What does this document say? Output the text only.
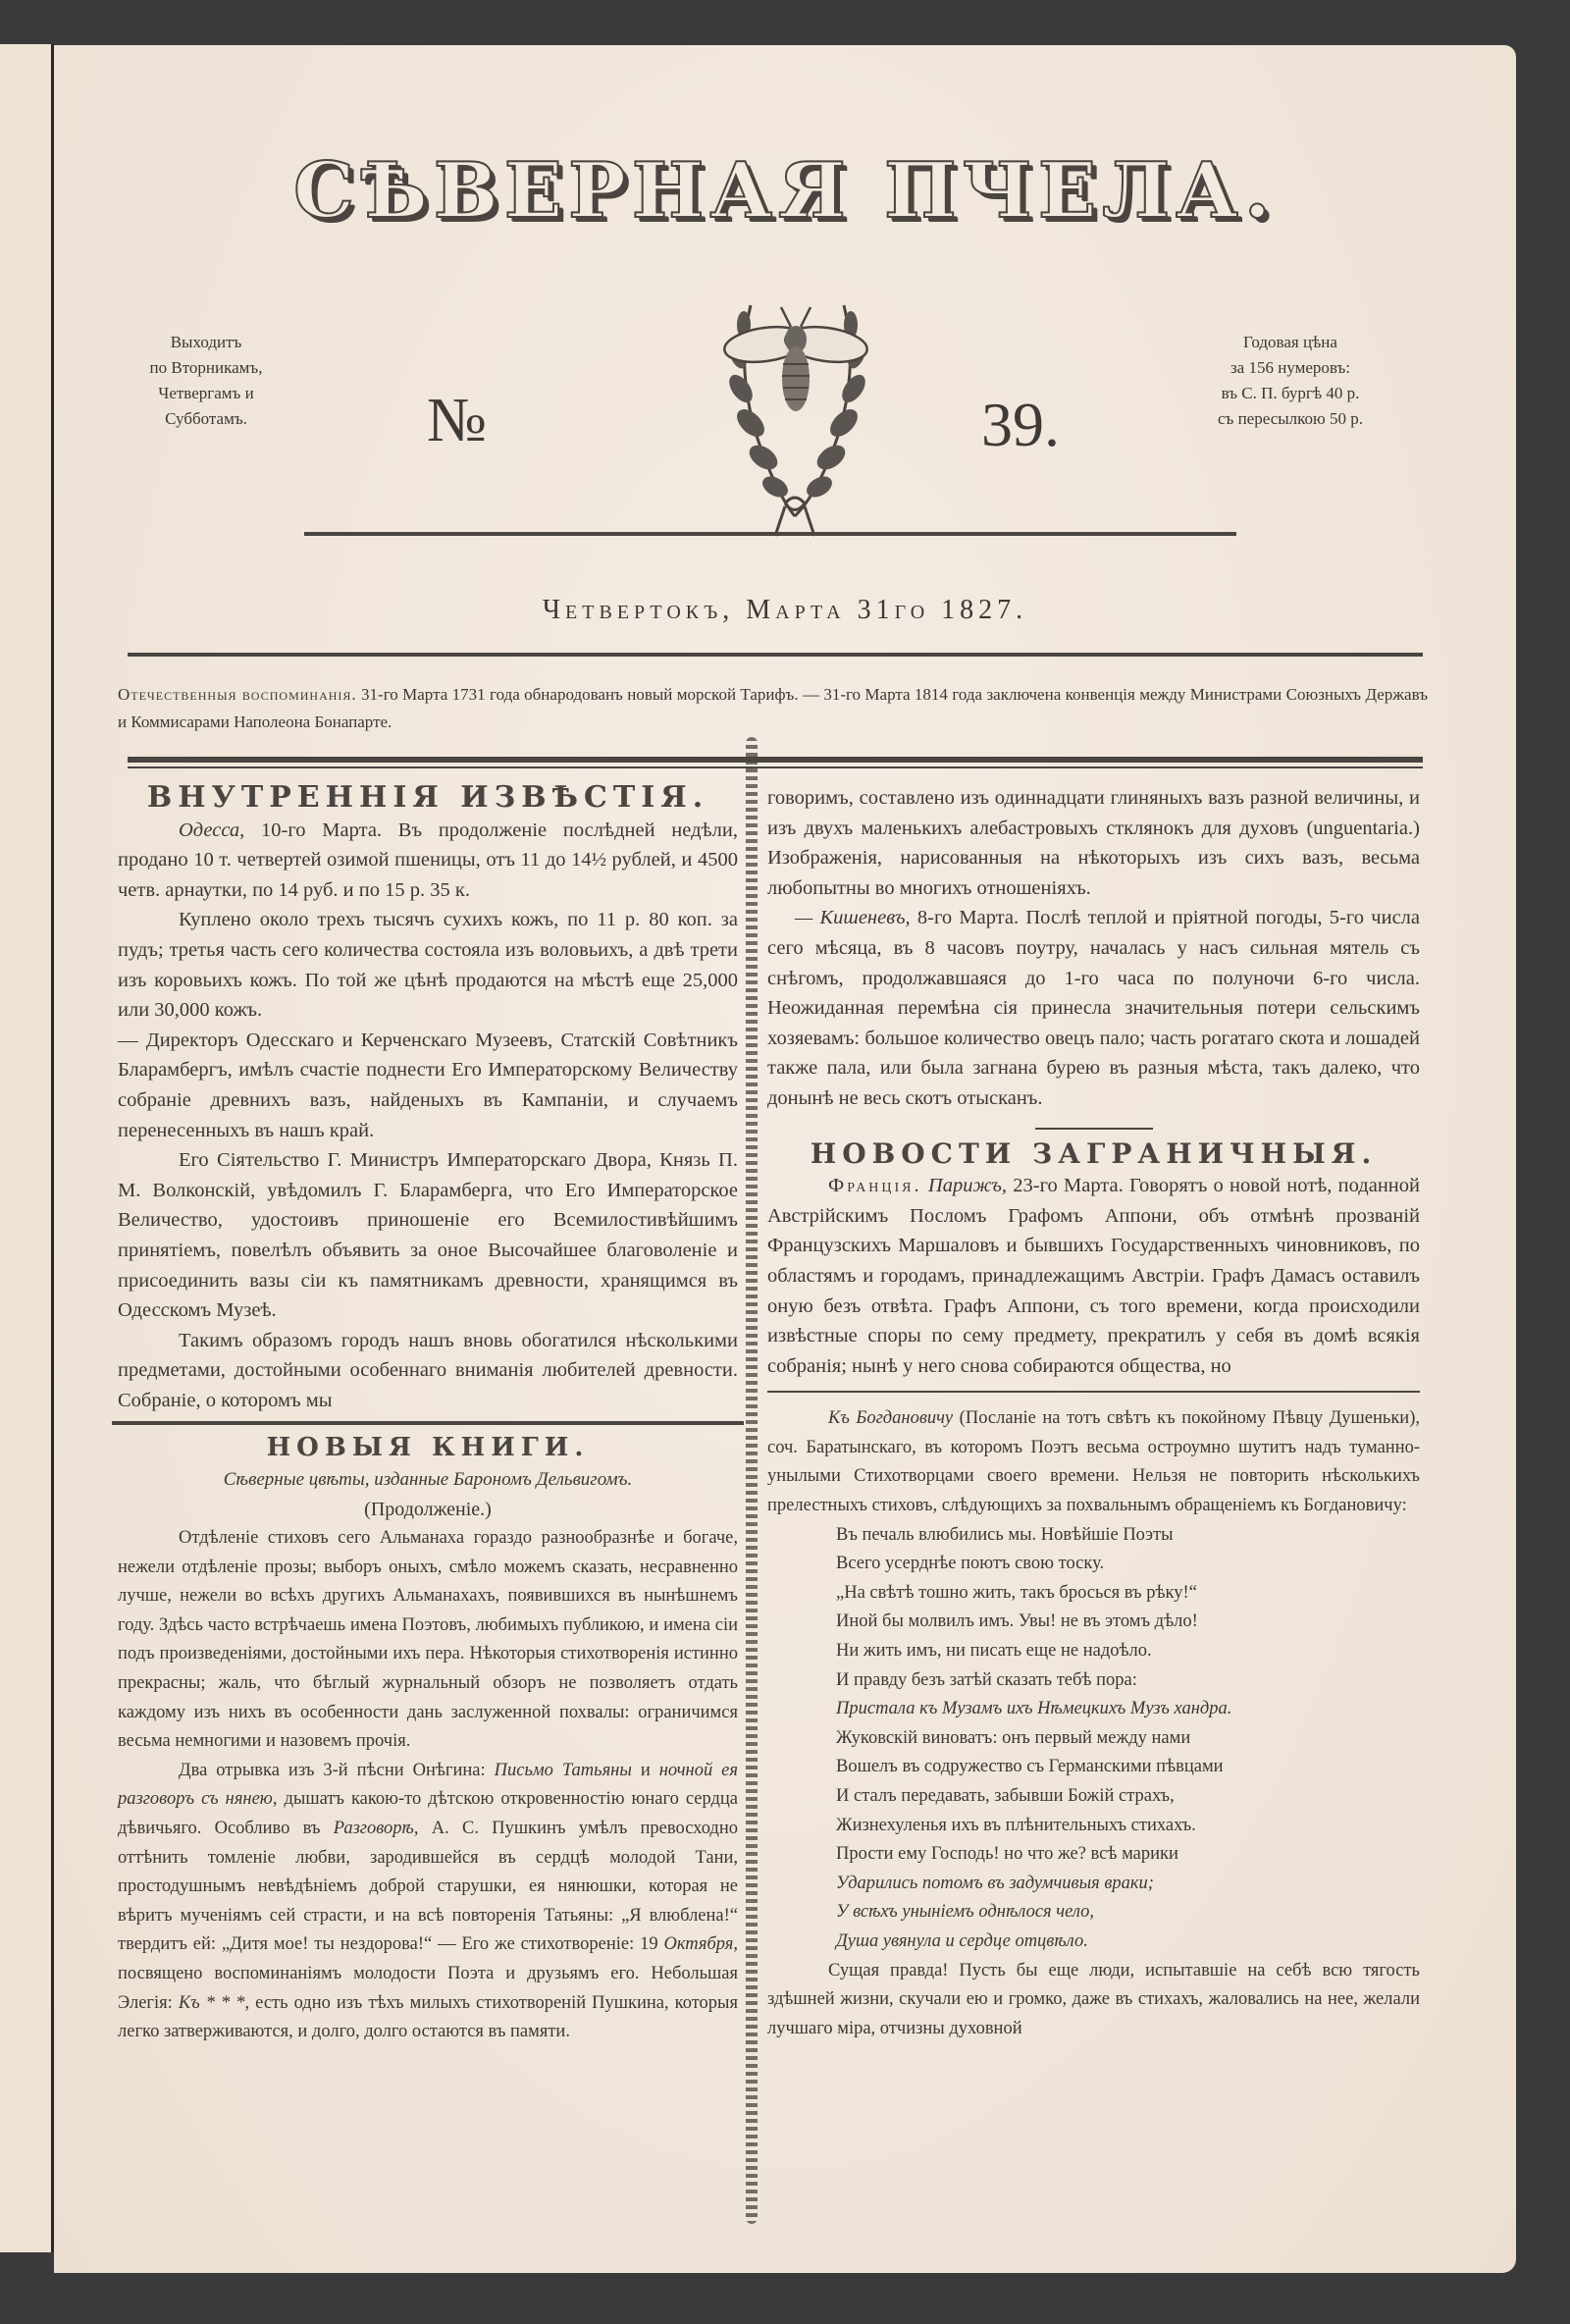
СѢВЕРНАЯ ПЧЕЛА.
Выходитъ
по Вторникамъ,
Четвергамъ и
Субботамъ.	№	39.
Годовая цѣна
за 156 нумеровъ:
въ С. П. бургѣ 40 р.
съ пересылкою 50 р.
Четвертокъ, Марта 31го 1827.
Отечественныя воспоминанія. 31-го Марта 1731 года обнародованъ новый морской Тарифъ. — 31-го Марта 1814 года заключена конвенція между Министрами Союзныхъ Державъ и Коммисарами Наполеона Бонапарте.
ВНУТРЕННІЯ ИЗВѢСТІЯ.

Одесса, 10-го Марта. Въ продолженіе послѣдней недѣли, продано 10 т. четвертей озимой пшеницы, отъ 11 до 14½ рублей, и 4500 четв. арнаутки, по 14 руб. и по 15 р. 35 к.

Куплено около трехъ тысячъ сухихъ кожъ, по 11 р. 80 коп. за пудъ; третья часть сего количества состояла изъ воловьихъ, а двѣ трети изъ коровьихъ кожъ. По той же цѣнѣ продаются на мѣстѣ еще 25,000 или 30,000 кожъ.

— Директоръ Одесскаго и Керченскаго Музеевъ, Статскій Совѣтникъ Бларамбергъ, имѣлъ счастіе поднести Его Императорскому Величеству собраніе древнихъ вазъ, найденыхъ въ Кампаніи, и случаемъ перенесенныхъ въ нашъ край.

Его Сіятельство Г. Министръ Императорскаго Двора, Князь П. М. Волконскій, увѣдомилъ Г. Бларамберга, что Его Императорское Величество, удостоивъ приношеніе его Всемилостивѣйшимъ принятіемъ, повелѣлъ объявить за оное Высочайшее благоволеніе и присоединить вазы сіи къ памятникамъ древности, хранящимся въ Одесскомъ Музеѣ.

Такимъ образомъ городъ нашъ вновь обогатился нѣсколькими предметами, достойными особеннаго вниманія любителей древности. Собраніе, о которомъ мы

НОВЫЯ КНИГИ.
Сѣверные цвѣты, изданные Барономъ Дельвигомъ.
(Продолженіе.)

Отдѣленіе стиховъ сего Альманаха гораздо разнообразнѣе и богаче, нежели отдѣленіе прозы; выборъ оныхъ, смѣло можемъ сказать, несравненно лучше, нежели во всѣхъ другихъ Альманахахъ, появившихся въ нынѣшнемъ году. Здѣсь часто встрѣчаешь имена Поэтовъ, любимыхъ публикою, и имена сіи подъ произведеніями, достойными ихъ пера. Нѣкоторыя стихотворенія истинно прекрасны; жаль, что бѣглый журнальный обзоръ не позволяетъ отдать каждому изъ нихъ въ особенности дань заслуженной похвалы: ограничимся весьма немногими и назовемъ прочія.

Два отрывка изъ 3-й пѣсни Онѣгина: Письмо Татьяны и ночной ея разговоръ съ нянею, дышатъ какою-то дѣтскою откровенностію юнаго сердца дѣвичьяго. Особливо въ Разговорѣ, А. С. Пушкинъ умѣлъ превосходно оттѣнить томленіе любви, зародившейся въ сердцѣ молодой Тани, простодушнымъ невѣдѣніемъ доброй старушки, ея нянюшки, которая не вѣритъ мученіямъ сей страсти, и на всѣ повторенія Татьяны: „Я влюблена!“ твердитъ ей: „Дитя мое! ты нездорова!“ — Его же стихотвореніе: 19 Октября, посвящено воспоминаніямъ молодости Поэта и друзьямъ его. Небольшая Элегія: Къ * * *, есть одно изъ тѣхъ милыхъ стихотвореній Пушкина, которыя легко затверживаются, и долго, долго остаются въ памяти.

говоримъ, составлено изъ одиннадцати глиняныхъ вазъ разной величины, и изъ двухъ маленькихъ алебастровыхъ стклянокъ для духовъ (unguentaria.) Изображенія, нарисованныя на нѣкоторыхъ изъ сихъ вазъ, весьма любопытны во многихъ отношеніяхъ.

— Кишеневъ, 8-го Марта. Послѣ теплой и пріятной погоды, 5-го числа сего мѣсяца, въ 8 часовъ поутру, началась у насъ сильная мятель съ снѣгомъ, продолжавшаяся до 1-го часа по полуночи 6-го числа. Неожиданная перемѣна сія принесла значительныя потери сельскимъ хозяевамъ: большое количество овецъ пало; часть рогатаго скота и лошадей также пала, или была загнана бурею въ разныя мѣста, такъ далеко, что донынѣ не весь скотъ отысканъ.

НОВОСТИ ЗАГРАНИЧНЫЯ.

Франція. Парижъ, 23-го Марта. Говорятъ о новой нотѣ, поданной Австрійскимъ Посломъ Графомъ Аппони, объ отмѣнѣ прозваній Французскихъ Маршаловъ и бывшихъ Государственныхъ чиновниковъ, по областямъ и городамъ, принадлежащимъ Австріи. Графъ Дамасъ оставилъ оную безъ отвѣта. Графъ Аппони, съ того времени, когда происходили извѣстные споры по сему предмету, прекратилъ у себя въ домѣ всякія собранія; нынѣ у него снова собираются общества, но

Къ Богдановичу (Посланіе на тотъ свѣтъ къ покойному Пѣвцу Душеньки), соч. Баратынскаго, въ которомъ Поэтъ весьма остроумно шутитъ надъ туманно-унылыми Стихотворцами своего времени. Нельзя не повторить нѣсколькихъ прелестныхъ стиховъ, слѣдующихъ за похвальнымъ обращеніемъ къ Богдановичу:

Въ печаль влюбились мы. Новѣйшіе Поэты
Всего усерднѣе поютъ свою тоску.
„На свѣтѣ тошно жить, такъ бросься въ рѣку!“
Иной бы молвилъ имъ. Увы! не въ этомъ дѣло!
Ни жить имъ, ни писать еще не надоѣло.
И правду безъ затѣй сказать тебѣ пора:
Пристала къ Музамъ ихъ Нѣмецкихъ Музъ хандра.
Жуковскій виноватъ: онъ первый между нами
Вошелъ въ содружество съ Германскими пѣвцами
И сталъ передавать, забывши Божій страхъ,
Жизнехуленья ихъ въ плѣнительныхъ стихахъ.
Прости ему Господь! но что же? всѣ марики
Ударились потомъ въ задумчивыя враки;
У всѣхъ уныніемъ однѣлося чело,
Душа увянула и сердце отцвѣло.

Сущая правда! Пусть бы еще люди, испытавшіе на себѣ всю тягость здѣшней жизни, скучали ею и громко, даже въ стихахъ, жаловались на нее, желали лучшаго міра, отчизны духовной
